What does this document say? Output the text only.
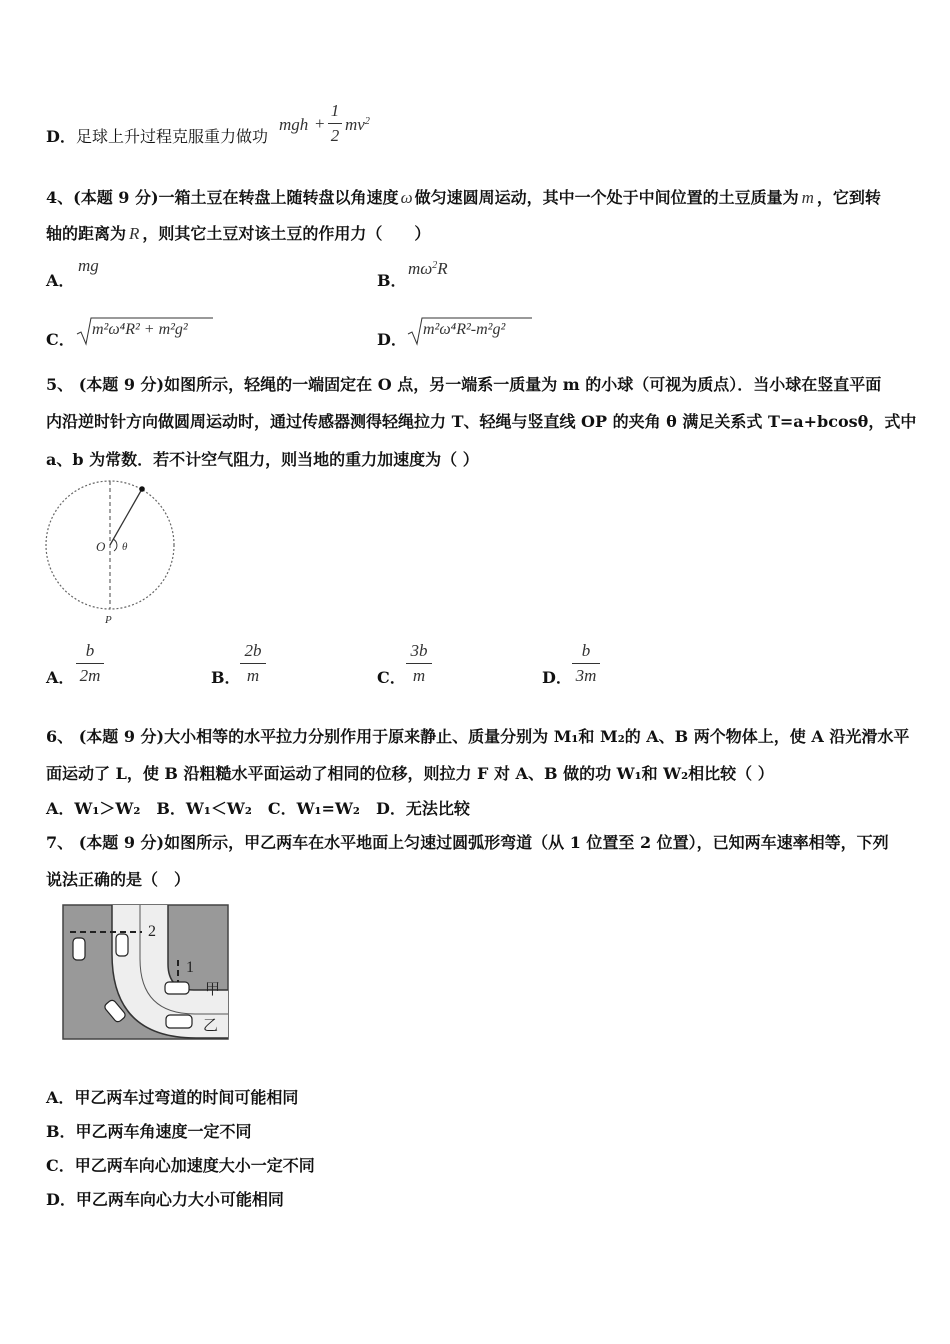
D． 足球上升过程克服重力做功
mgh +
1
2
$mv^2$
4、(本题 9 分)一箱土豆在转盘上随转盘以角速度 ω 做匀速圆周运动，其中一个处于中间位置的土豆质量为 m ，它到转
轴的距离为 R ，则其它土豆对该土豆的作用力（　　）
A．
mg
B．
$m\omega^2R$
C．
m²ω⁴R² + m²g²
D．
m²ω⁴R²-m²g²
5、 (本题 9 分)如图所示，轻绳的一端固定在 O 点，另一端系一质量为 m 的小球（可视为质点）．当小球在竖直平面
内沿逆时针方向做圆周运动时，通过传感器测得轻绳拉力 T、轻绳与竖直线 OP 的夹角 θ 满足关系式 T=a+bcosθ，式中
a、b 为常数．若不计空气阻力，则当地的重力加速度为（ ）
O θ
P
A．
b
2m	B．
2b
m	C．
3b
m	D．
b
3m
6、 (本题 9 分)大小相等的水平拉力分别作用于原来静止、质量分别为 M₁和 M₂的 A、B 两个物体上，使 A 沿光滑水平
面运动了 L，使 B 沿粗糙水平面运动了相同的位移，则拉力 F 对 A、B 做的功 W₁和 W₂相比较（ ）
A．W₁＞W₂　B．W₁＜W₂　C．W₁=W₂　D．无法比较
7、 (本题 9 分)如图所示，甲乙两车在水平地面上匀速过圆弧形弯道（从 1 位置至 2 位置），已知两车速率相等，下列
说法正确的是（　）
2
1
甲
乙
A．甲乙两车过弯道的时间可能相同
B．甲乙两车角速度一定不同
C．甲乙两车向心加速度大小一定不同
D．甲乙两车向心力大小可能相同
